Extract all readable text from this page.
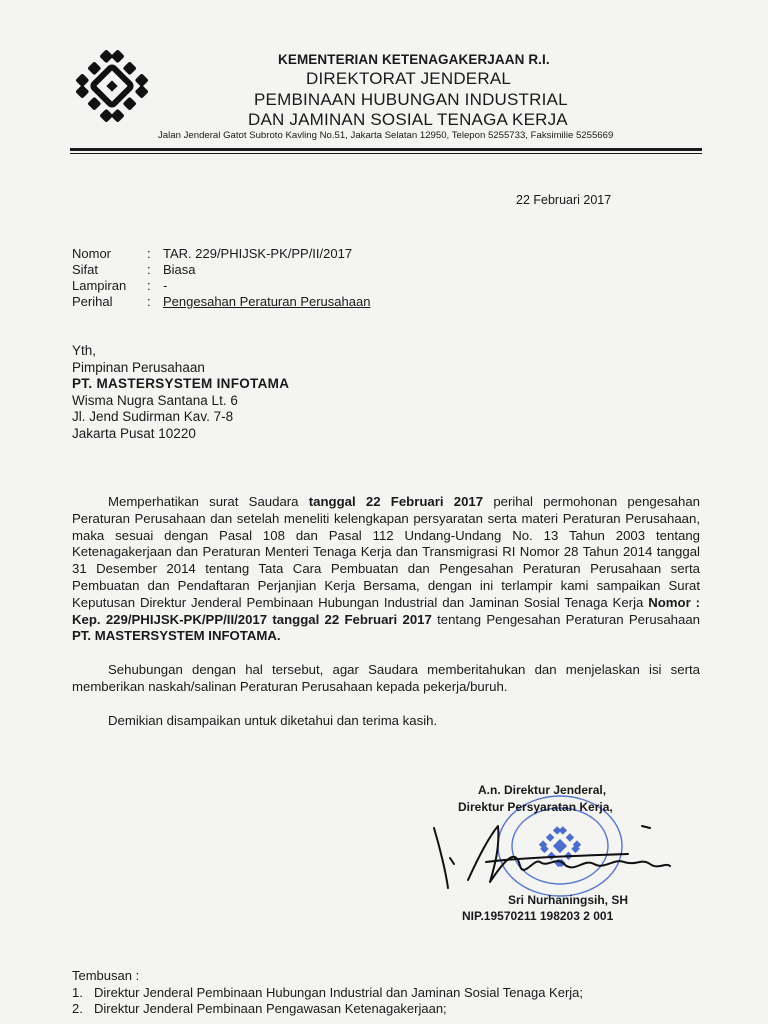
KEMENTERIAN KETENAGAKERJAAN R.I.
DIREKTORAT JENDERAL
PEMBINAAN HUBUNGAN INDUSTRIAL
DAN JAMINAN SOSIAL TENAGA KERJA
Jalan Jenderal Gatot Subroto Kavling No.51, Jakarta Selatan 12950, Telepon 5255733, Faksimilie 5255669
22 Februari 2017
Nomor	: TAR. 229/PHIJSK-PK/PP/II/2017
Sifat	: Biasa
Lampiran	: -
Perihal	: Pengesahan Peraturan Perusahaan
Yth,
Pimpinan Perusahaan
PT. MASTERSYSTEM INFOTAMA
Wisma Nugra Santana Lt. 6
Jl. Jend Sudirman Kav. 7-8
Jakarta Pusat 10220

Memperhatikan surat Saudara tanggal 22 Februari 2017 perihal permohonan pengesahan Peraturan Perusahaan dan setelah meneliti kelengkapan persyaratan serta materi Peraturan Perusahaan, maka sesuai dengan Pasal 108 dan Pasal 112 Undang-Undang No. 13 Tahun 2003 tentang Ketenagakerjaan dan Peraturan Menteri Tenaga Kerja dan Transmigrasi RI Nomor 28 Tahun 2014 tanggal 31 Desember 2014 tentang Tata Cara Pembuatan dan Pengesahan Peraturan Perusahaan serta Pembuatan dan Pendaftaran Perjanjian Kerja Bersama, dengan ini terlampir kami sampaikan Surat Keputusan Direktur Jenderal Pembinaan Hubungan Industrial dan Jaminan Sosial Tenaga Kerja Nomor : Kep. 229/PHIJSK-PK/PP/II/2017 tanggal 22 Februari 2017 tentang Pengesahan Peraturan Perusahaan PT. MASTERSYSTEM INFOTAMA.

Sehubungan dengan hal tersebut, agar Saudara memberitahukan dan menjelaskan isi serta memberikan naskah/salinan Peraturan Perusahaan kepada pekerja/buruh.

Demikian disampaikan untuk diketahui dan terima kasih.

A.n. Direktur Jenderal,
Direktur Persyaratan Kerja,
Sri Nurhaningsih, SH
NIP.19570211 198203 2 001
Tembusan :
1. Direktur Jenderal Pembinaan Hubungan Industrial dan Jaminan Sosial Tenaga Kerja;
2. Direktur Jenderal Pembinaan Pengawasan Ketenagakerjaan;
